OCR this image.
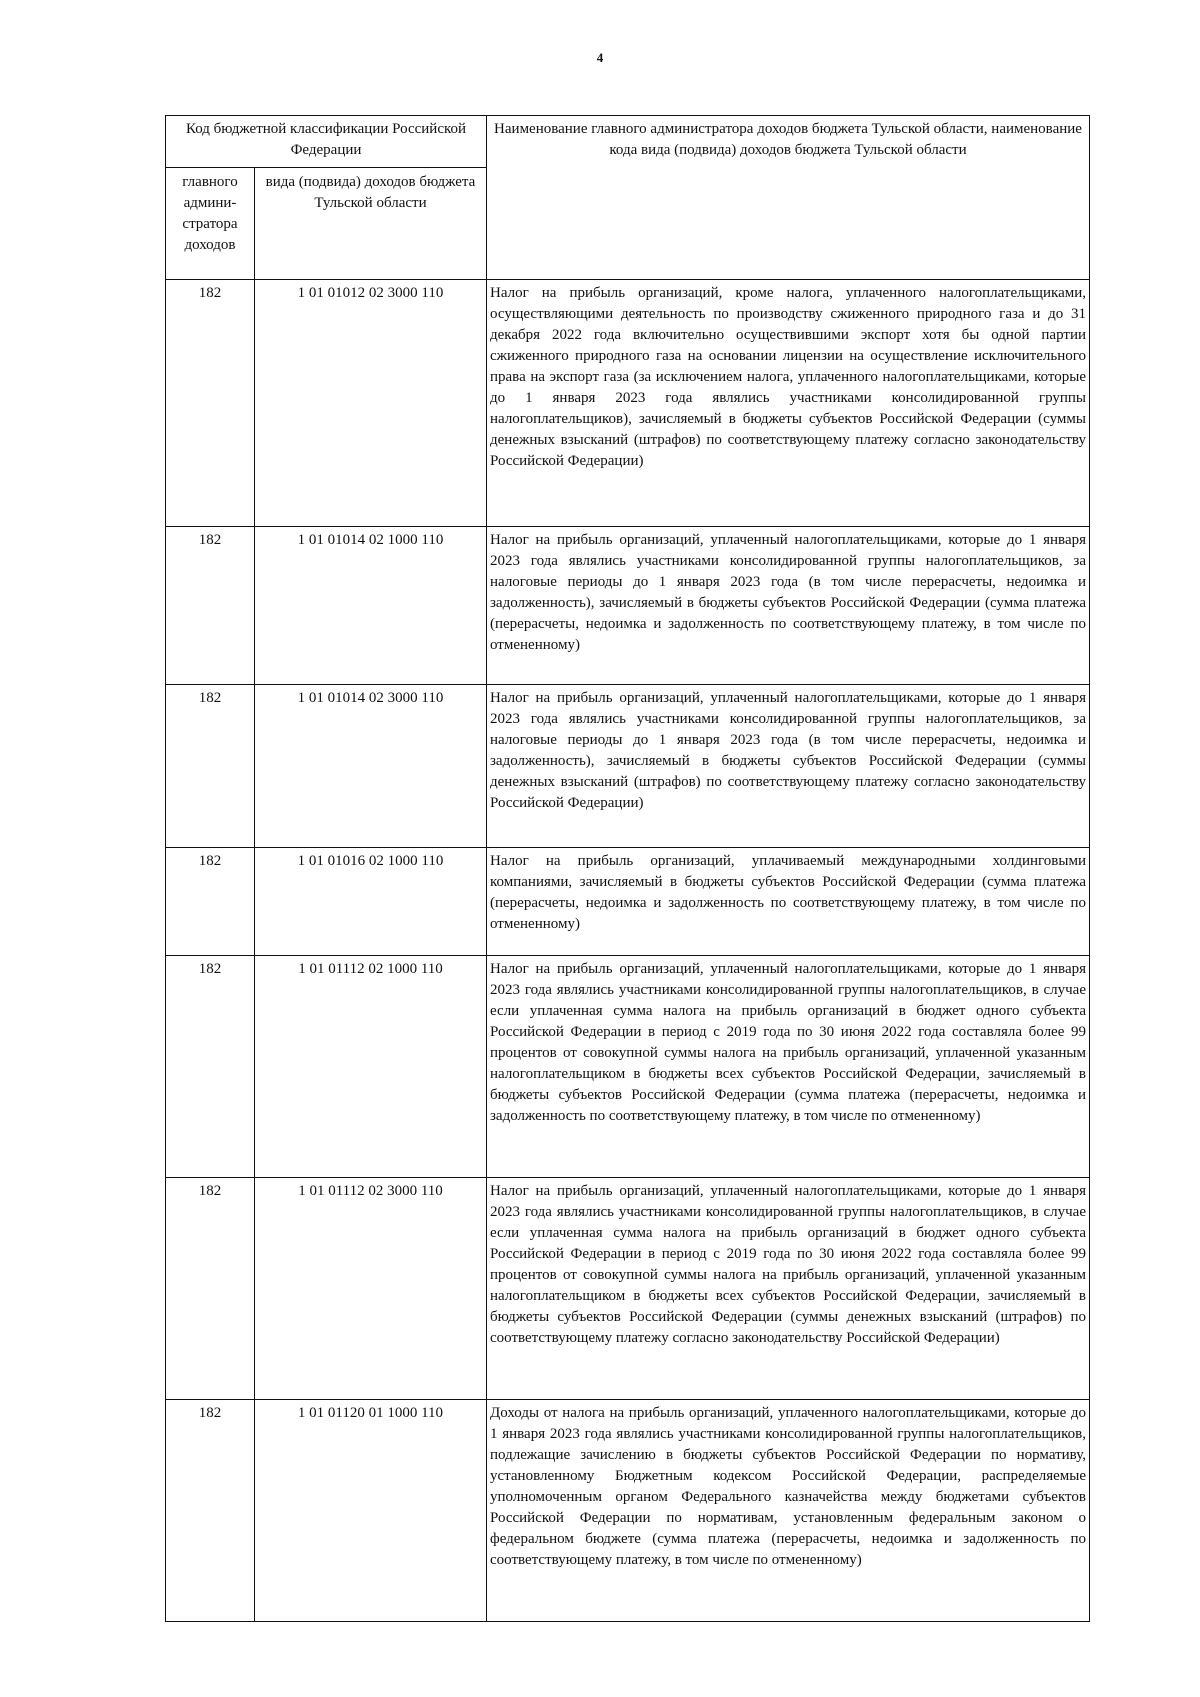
4
Код бюджетной классификации Российской Федерации		Наименование главного администратора доходов бюджета Тульской области, наименование кода вида (подвида) доходов бюджета Тульской области
главного админи-стратора доходов	вида (подвида) доходов бюджета Тульской области	
182	1 01 01012 02 3000 110	Налог на прибыль организаций, кроме налога, уплаченного налогоплательщиками, осуществляющими деятельность по производству сжиженного природного газа и до 31 декабря 2022 года включительно осуществившими экспорт хотя бы одной партии сжиженного природного газа на основании лицензии на осуществление исключительного права на экспорт газа (за исключением налога, уплаченного налогоплательщиками, которые до 1 января 2023 года являлись участниками консолидированной группы налогоплательщиков), зачисляемый в бюджеты субъектов Российской Федерации (суммы денежных взысканий (штрафов) по соответствующему платежу согласно законодательству Российской Федерации)
182	1 01 01014 02 1000 110	Налог на прибыль организаций, уплаченный налогоплательщиками, которые до 1 января 2023 года являлись участниками консолидированной группы налогоплательщиков, за налоговые периоды до 1 января 2023 года (в том числе перерасчеты, недоимка и задолженность), зачисляемый в бюджеты субъектов Российской Федерации (сумма платежа (перерасчеты, недоимка и задолженность по соответствующему платежу, в том числе по отмененному)
182	1 01 01014 02 3000 110	Налог на прибыль организаций, уплаченный налогоплательщиками, которые до 1 января 2023 года являлись участниками консолидированной группы налогоплательщиков, за налоговые периоды до 1 января 2023 года (в том числе перерасчеты, недоимка и задолженность), зачисляемый в бюджеты субъектов Российской Федерации (суммы денежных взысканий (штрафов) по соответствующему платежу согласно законодательству Российской Федерации)
182	1 01 01016 02 1000 110	Налог на прибыль организаций, уплачиваемый международными холдинговыми компаниями, зачисляемый в бюджеты субъектов Российской Федерации (сумма платежа (перерасчеты, недоимка и задолженность по соответствующему платежу, в том числе по отмененному)
182	1 01 01112 02 1000 110	Налог на прибыль организаций, уплаченный налогоплательщиками, которые до 1 января 2023 года являлись участниками консолидированной группы налогоплательщиков, в случае если уплаченная сумма налога на прибыль организаций в бюджет одного субъекта Российской Федерации в период с 2019 года по 30 июня 2022 года составляла более 99 процентов от совокупной суммы налога на прибыль организаций, уплаченной указанным налогоплательщиком в бюджеты всех субъектов Российской Федерации, зачисляемый в бюджеты субъектов Российской Федерации (сумма платежа (перерасчеты, недоимка и задолженность по соответствующему платежу, в том числе по отмененному)
182	1 01 01112 02 3000 110	Налог на прибыль организаций, уплаченный налогоплательщиками, которые до 1 января 2023 года являлись участниками консолидированной группы налогоплательщиков, в случае если уплаченная сумма налога на прибыль организаций в бюджет одного субъекта Российской Федерации в период с 2019 года по 30 июня 2022 года составляла более 99 процентов от совокупной суммы налога на прибыль организаций, уплаченной указанным налогоплательщиком в бюджеты всех субъектов Российской Федерации, зачисляемый в бюджеты субъектов Российской Федерации (суммы денежных взысканий (штрафов) по соответствующему платежу согласно законодательству Российской Федерации)
182	1 01 01120 01 1000 110	Доходы от налога на прибыль организаций, уплаченного налогоплательщиками, которые до 1 января 2023 года являлись участниками консолидированной группы налогоплательщиков, подлежащие зачислению в бюджеты субъектов Российской Федерации по нормативу, установленному Бюджетным кодексом Российской Федерации, распределяемые уполномоченным органом Федерального казначейства между бюджетами субъектов Российской Федерации по нормативам, установленным федеральным законом о федеральном бюджете (сумма платежа (перерасчеты, недоимка и задолженность по соответствующему платежу, в том числе по отмененному)
